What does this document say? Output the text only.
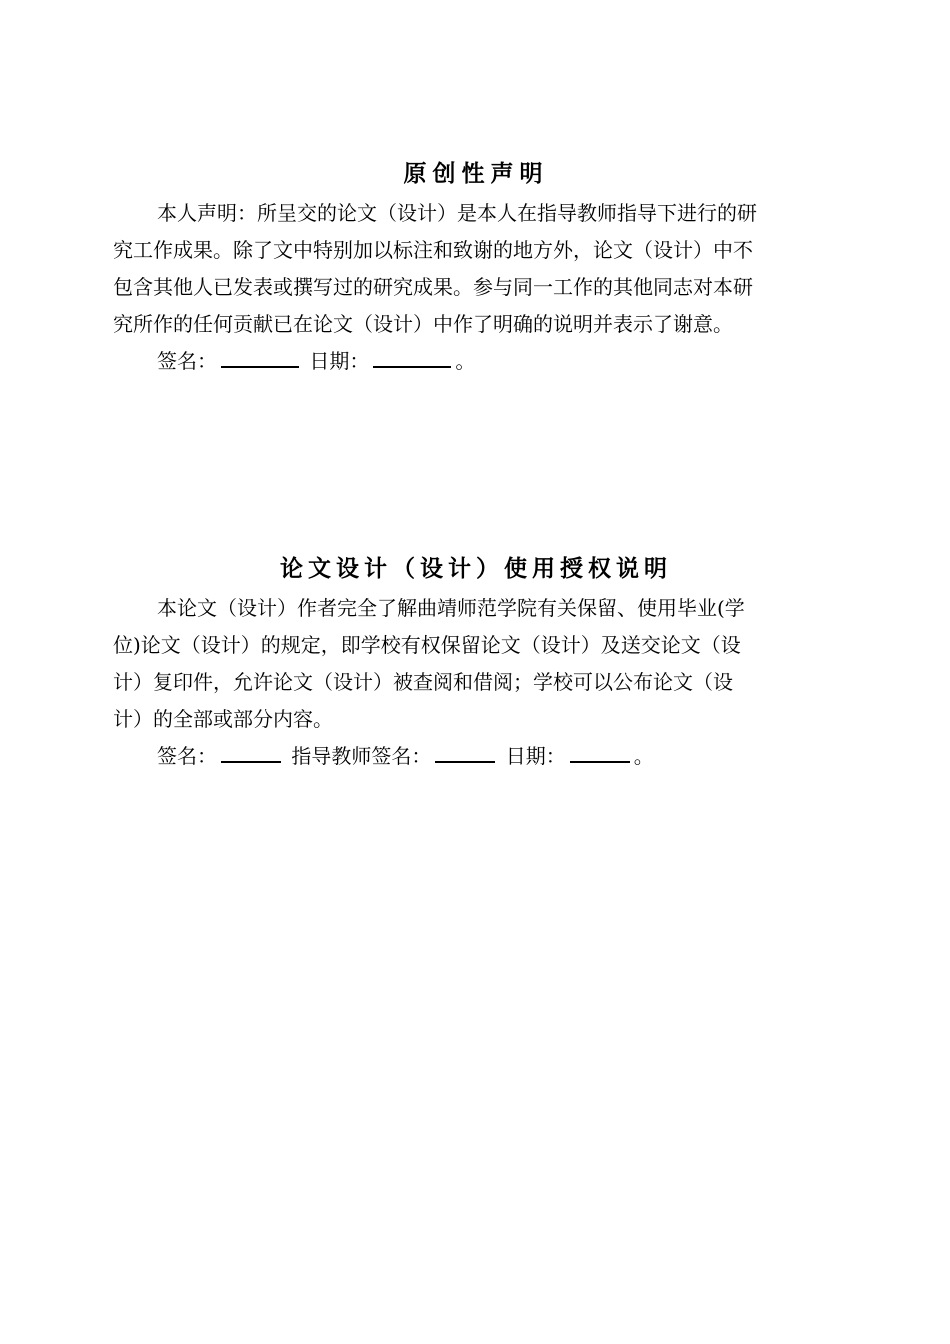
原创性声明
本人声明：所呈交的论文（设计）是本人在指导教师指导下进行的研
究工作成果。除了文中特别加以标注和致谢的地方外，论文（设计）中不
包含其他人已发表或撰写过的研究成果。参与同一工作的其他同志对本研
究所作的任何贡献已在论文（设计）中作了明确的说明并表示了谢意。
签名：	日期：	。
论文设计（设计）使用授权说明
本论文（设计）作者完全了解曲靖师范学院有关保留、使用毕业(学
位)论文（设计）的规定，即学校有权保留论文（设计）及送交论文（设
计）复印件，允许论文（设计）被查阅和借阅；学校可以公布论文（设
计）的全部或部分内容。
签名：	指导教师签名：	日期：	。
